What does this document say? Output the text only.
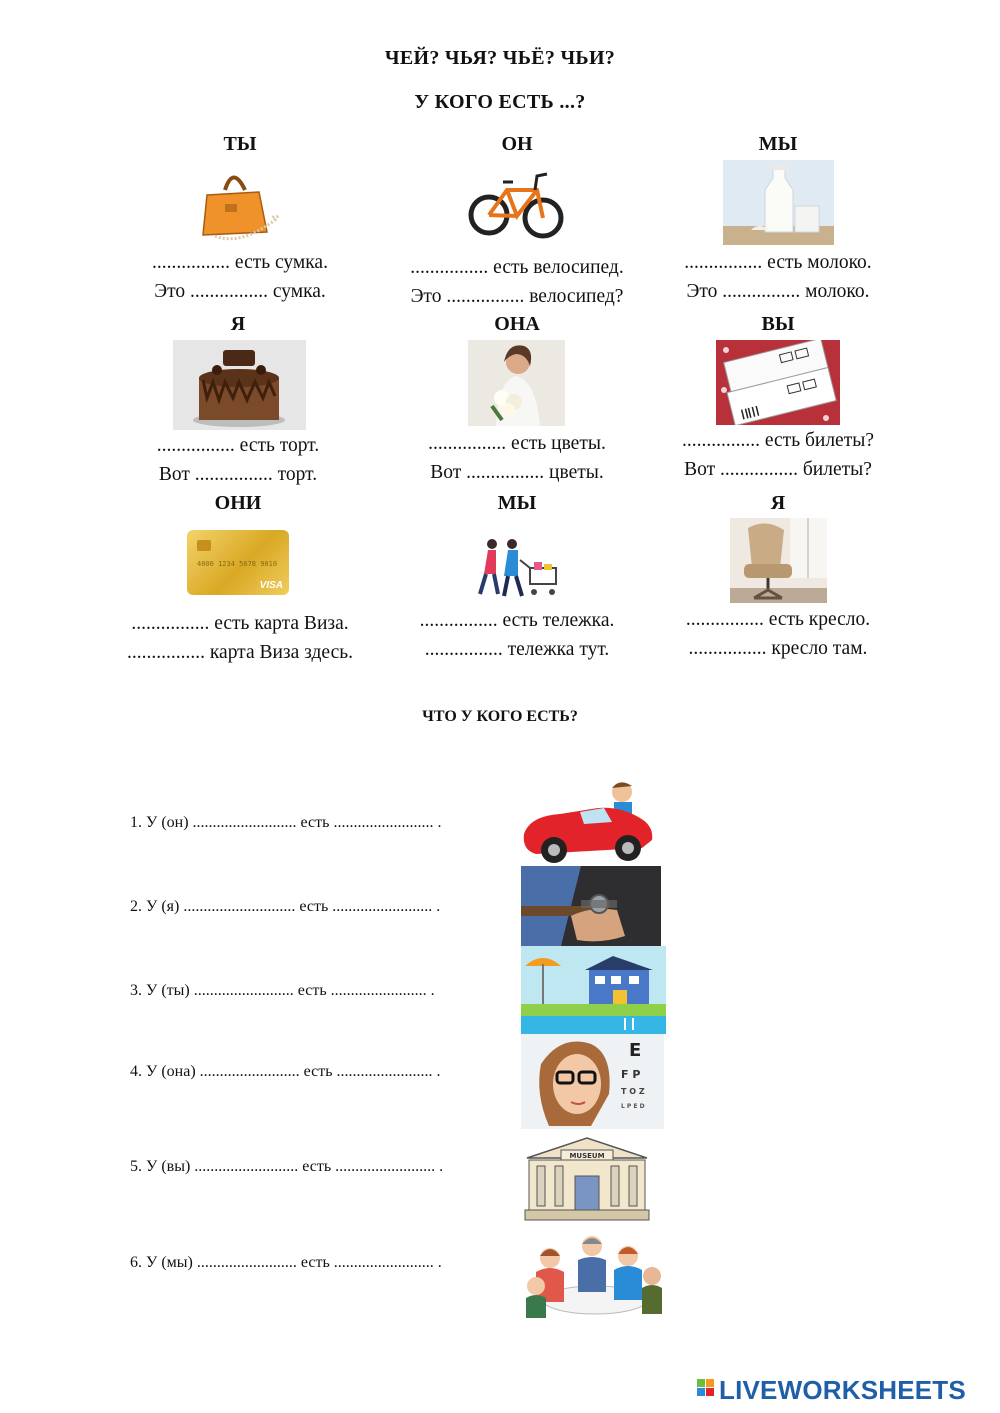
ЧЕЙ? ЧЬЯ? ЧЬЁ? ЧЬИ?
У КОГО ЕСТЬ ...?
ТЫ
................ есть сумка.
Это ................ сумка.
ОН
................ есть велосипед.
Это ................ велосипед?
МЫ
................ есть молоко.
Это ................ молоко.
Я
................ есть торт.
Вот ................ торт.
ОНА
................ есть цветы.
Вот ................ цветы.
ВЫ
................ есть билеты?
Вот ................ билеты?
ОНИ
4000 1234 5678 9010
VISA
................ есть карта Виза.
................ карта Виза здесь.
МЫ
................ есть тележка.
................ тележка тут.
Я
................ есть кресло.
................ кресло там.
ЧТО У КОГО ЕСТЬ?
1. У (он) .......................... есть ......................... .
2. У (я) ............................ есть ......................... .
3. У (ты) ......................... есть ........................ .
4. У (она) ......................... есть ........................ .
5. У (вы) .......................... есть ......................... .
6. У (мы) ......................... есть ......................... .
E
F P
T O Z
L P E D
MUSEUM
LIVEWORKSHEETS
